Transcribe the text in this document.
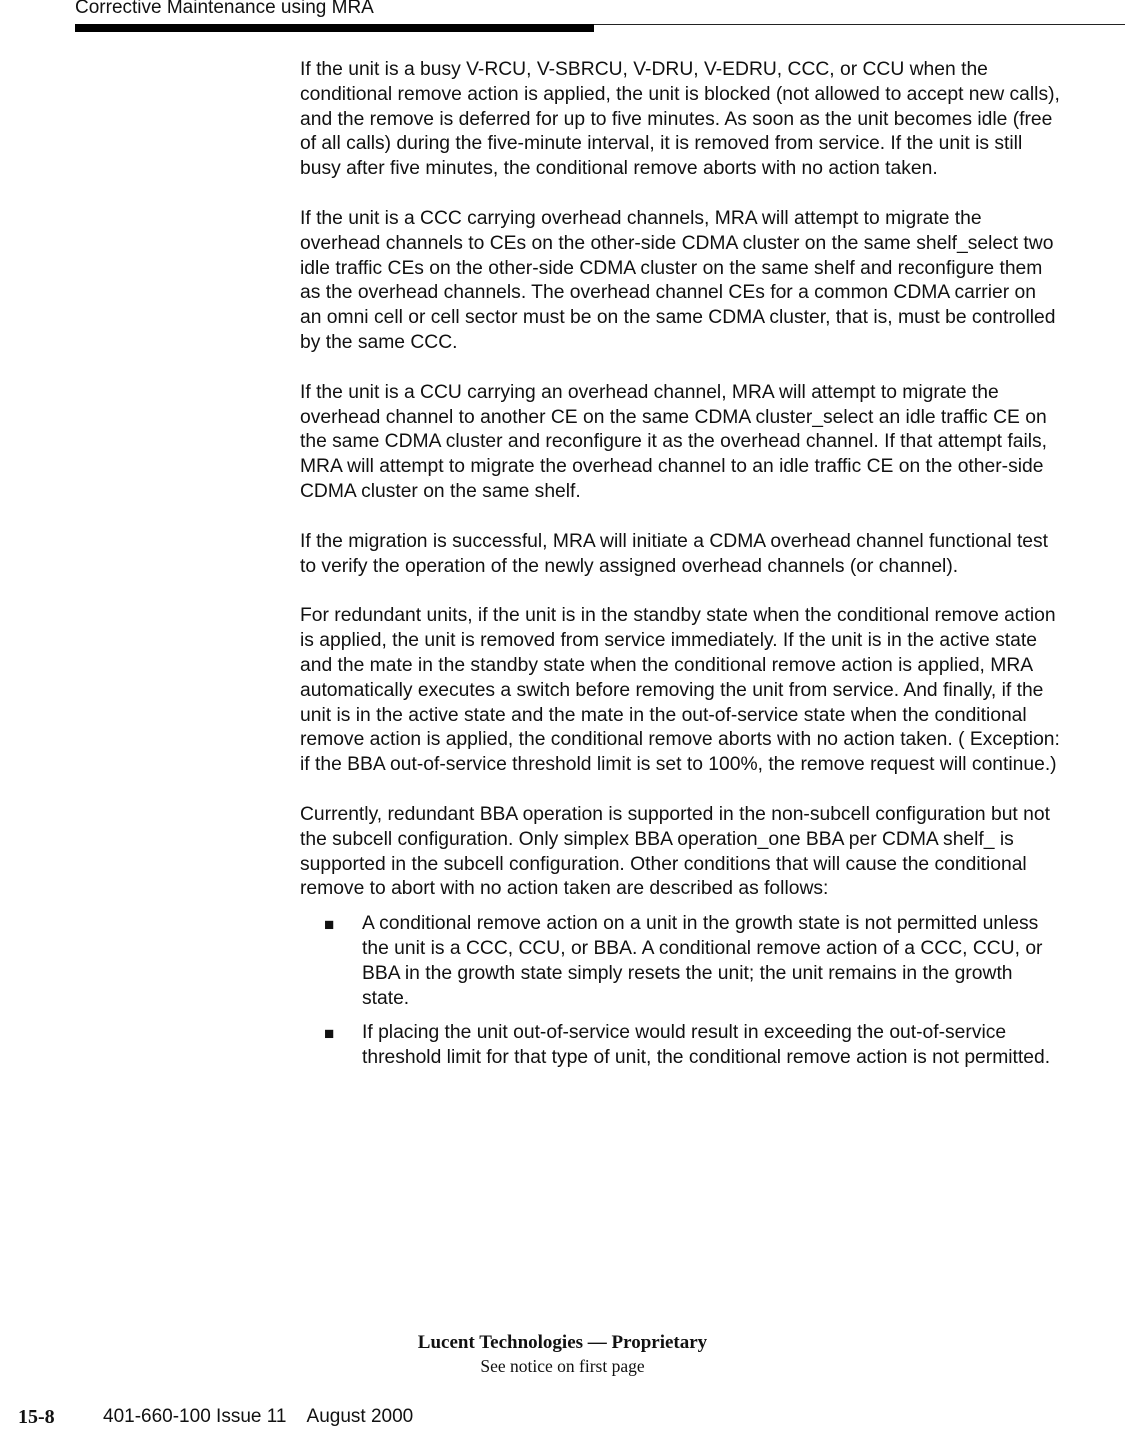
Corrective Maintenance using MRA

If the unit is a busy V-RCU, V-SBRCU, V-DRU, V-EDRU, CCC, or CCU when the conditional remove action is applied, the unit is blocked (not allowed to accept new calls), and the remove is deferred for up to five minutes. As soon as the unit becomes idle (free of all calls) during the five-minute interval, it is removed from service. If the unit is still busy after five minutes, the conditional remove aborts with no action taken.

If the unit is a CCC carrying overhead channels, MRA will attempt to migrate the overhead channels to CEs on the other-side CDMA cluster on the same shelf_select two idle traffic CEs on the other-side CDMA cluster on the same shelf and reconfigure them as the overhead channels. The overhead channel CEs for a common CDMA carrier on an omni cell or cell sector must be on the same CDMA cluster, that is, must be controlled by the same CCC.

If the unit is a CCU carrying an overhead channel, MRA will attempt to migrate the overhead channel to another CE on the same CDMA cluster_select an idle traffic CE on the same CDMA cluster and reconfigure it as the overhead channel. If that attempt fails, MRA will attempt to migrate the overhead channel to an idle traffic CE on the other-side CDMA cluster on the same shelf.

If the migration is successful, MRA will initiate a CDMA overhead channel functional test to verify the operation of the newly assigned overhead channels (or channel).

For redundant units, if the unit is in the standby state when the conditional remove action is applied, the unit is removed from service immediately. If the unit is in the active state and the mate in the standby state when the conditional remove action is applied, MRA automatically executes a switch before removing the unit from service. And finally, if the unit is in the active state and the mate in the out-of-service state when the conditional remove action is applied, the conditional remove aborts with no action taken. ( Exception: if the BBA out-of-service threshold limit is set to 100%, the remove request will continue.)

Currently, redundant BBA operation is supported in the non-subcell configuration but not the subcell configuration. Only simplex BBA operation_one BBA per CDMA shelf_ is supported in the subcell configuration. Other conditions that will cause the conditional remove to abort with no action taken are described as follows:

■ A conditional remove action on a unit in the growth state is not permitted unless the unit is a CCC, CCU, or BBA. A conditional remove action of a CCC, CCU, or BBA in the growth state simply resets the unit; the unit remains in the growth state.
■ If placing the unit out-of-service would result in exceeding the out-of-service threshold limit for that type of unit, the conditional remove action is not permitted.
Lucent Technologies — Proprietary
See notice on first page
15-8	401-660-100 Issue 11    August 2000
